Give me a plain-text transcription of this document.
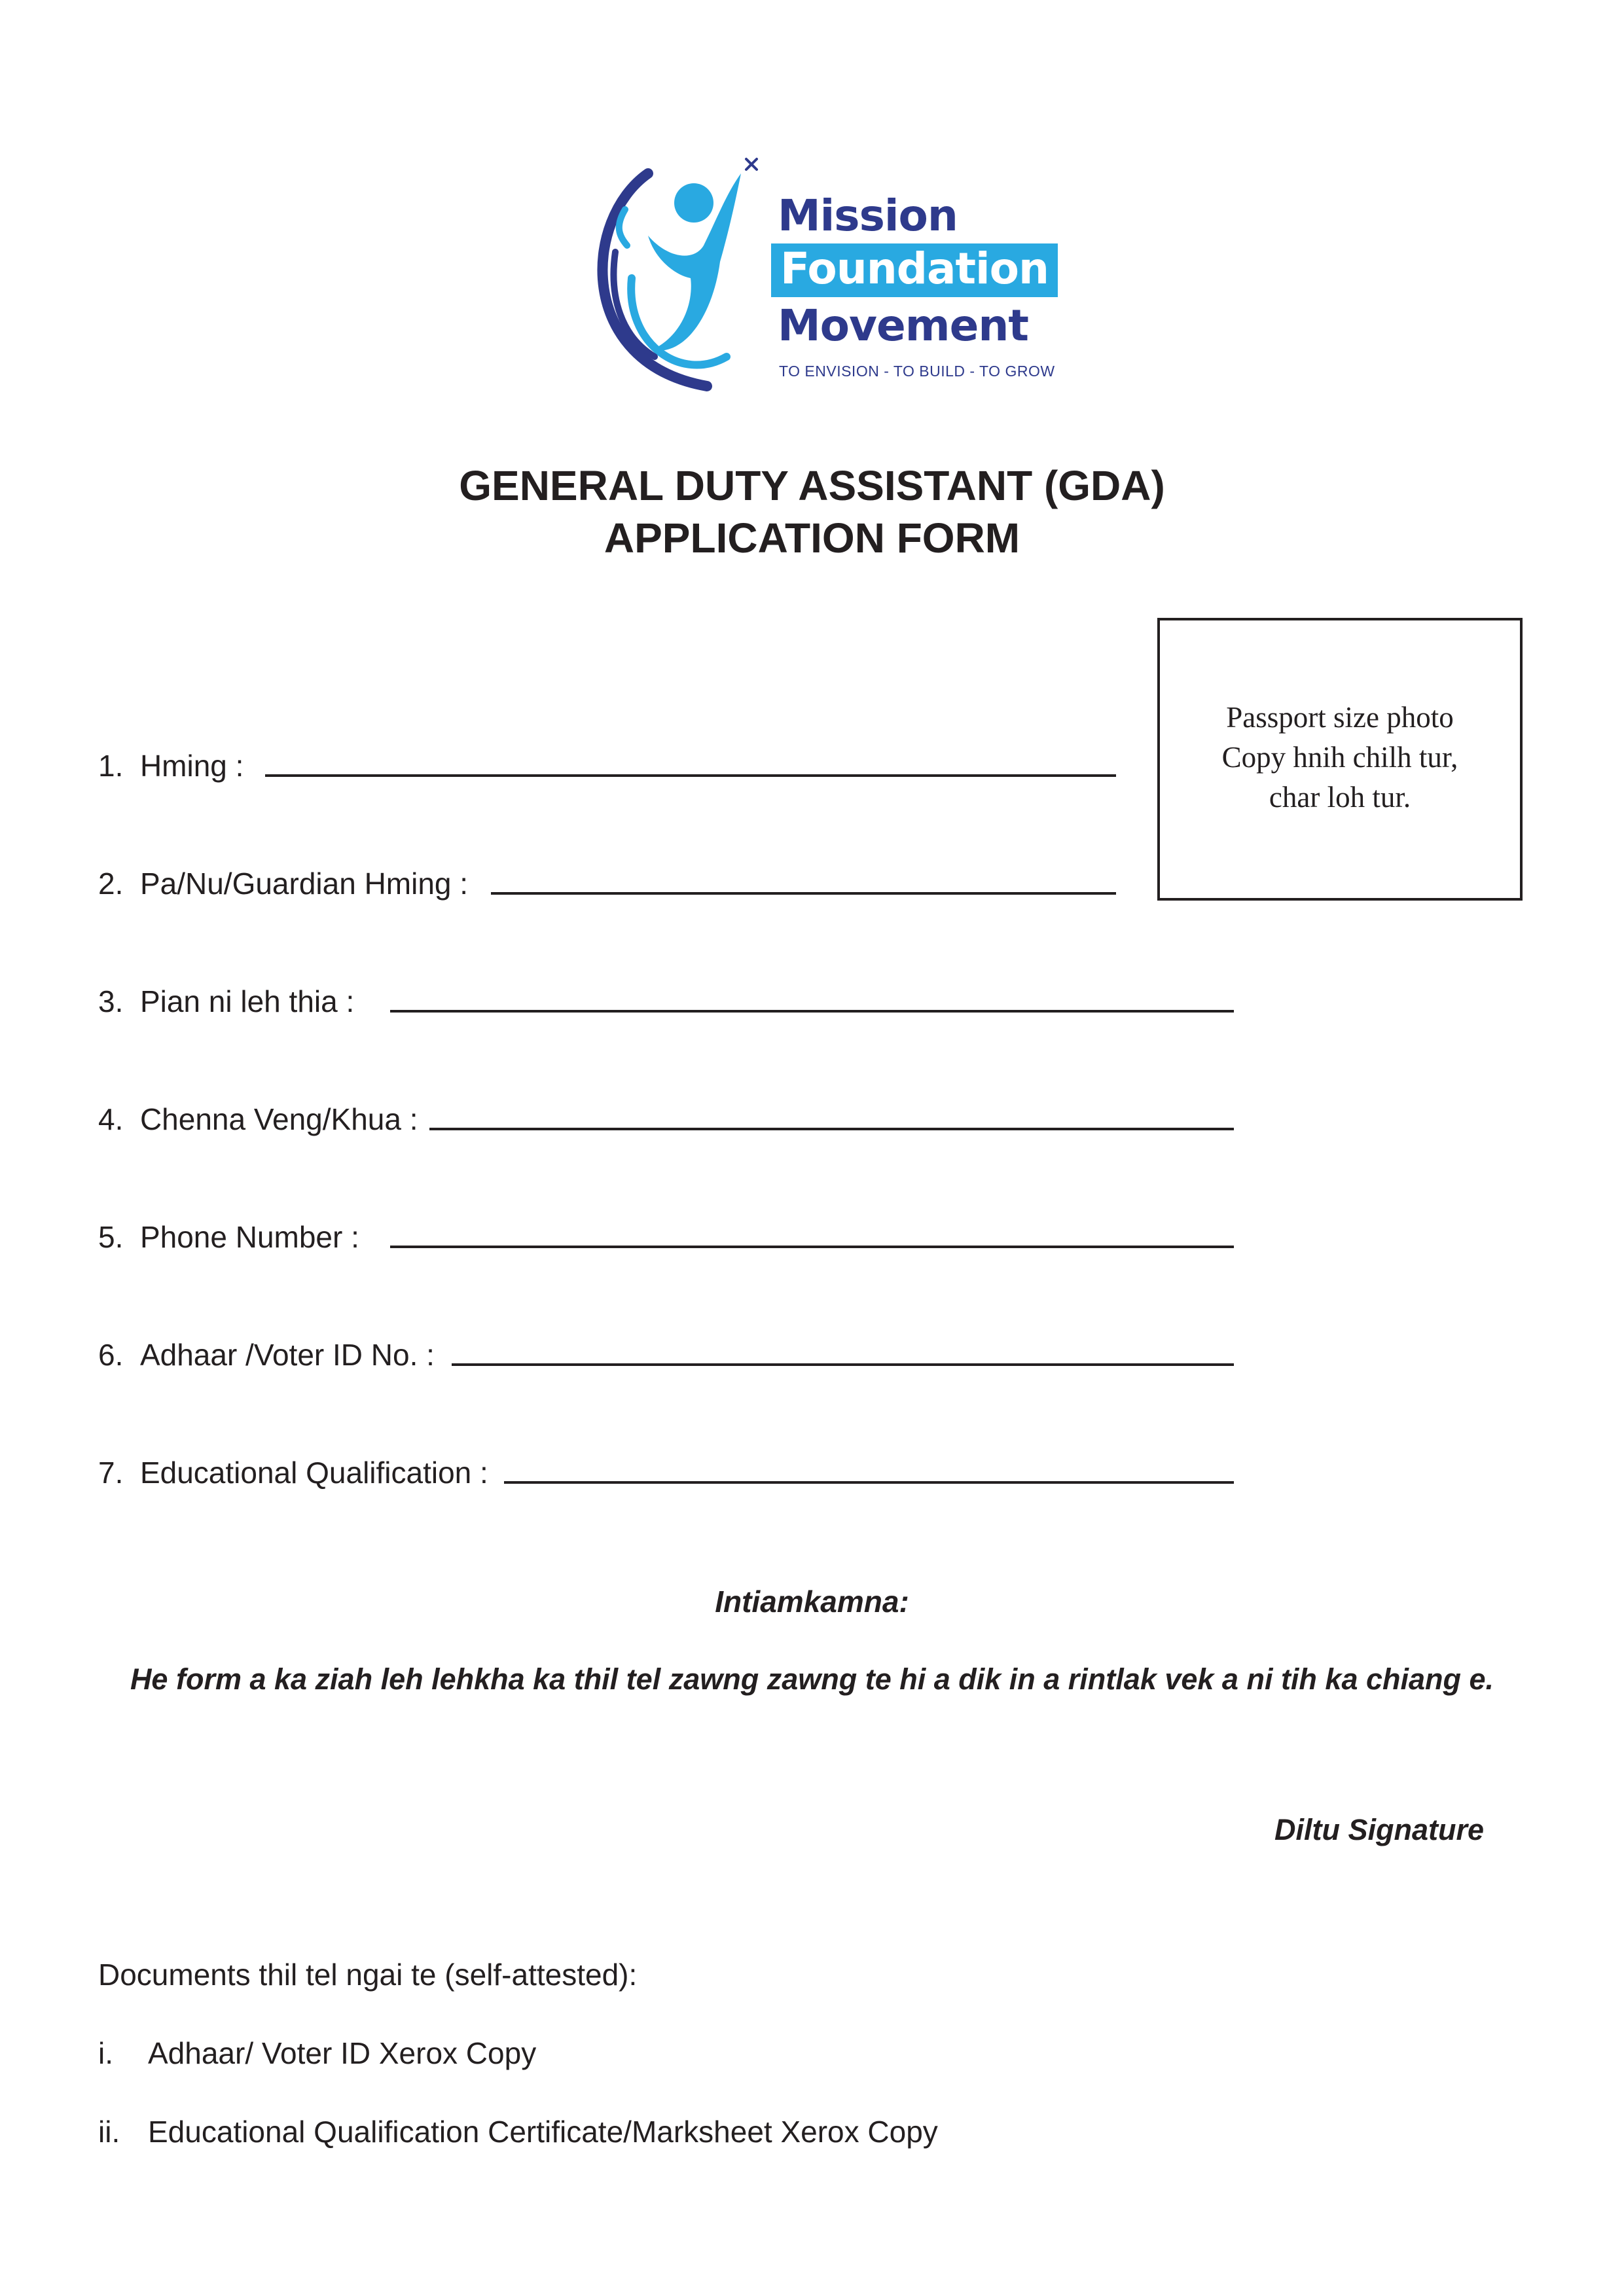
Mission
Foundation
Movement
TO ENVISION - TO BUILD - TO GROW
GENERAL DUTY ASSISTANT (GDA)
APPLICATION FORM
Passport size photo
Copy hnih chilh tur,
char loh tur.
1. Hming :
2. Pa/Nu/Guardian Hming :
3. Pian ni leh thia :
4. Chenna Veng/Khua :
5. Phone Number :
6. Adhaar /Voter ID No. :
7. Educational Qualification :
Intiamkamna:
He form a ka ziah leh lehkha ka thil tel zawng zawng te hi a dik in a rintlak vek a ni tih ka chiang e.
Diltu Signature
Documents thil tel ngai te (self-attested):
i. Adhaar/ Voter ID Xerox Copy
ii. Educational Qualification Certificate/Marksheet Xerox Copy
